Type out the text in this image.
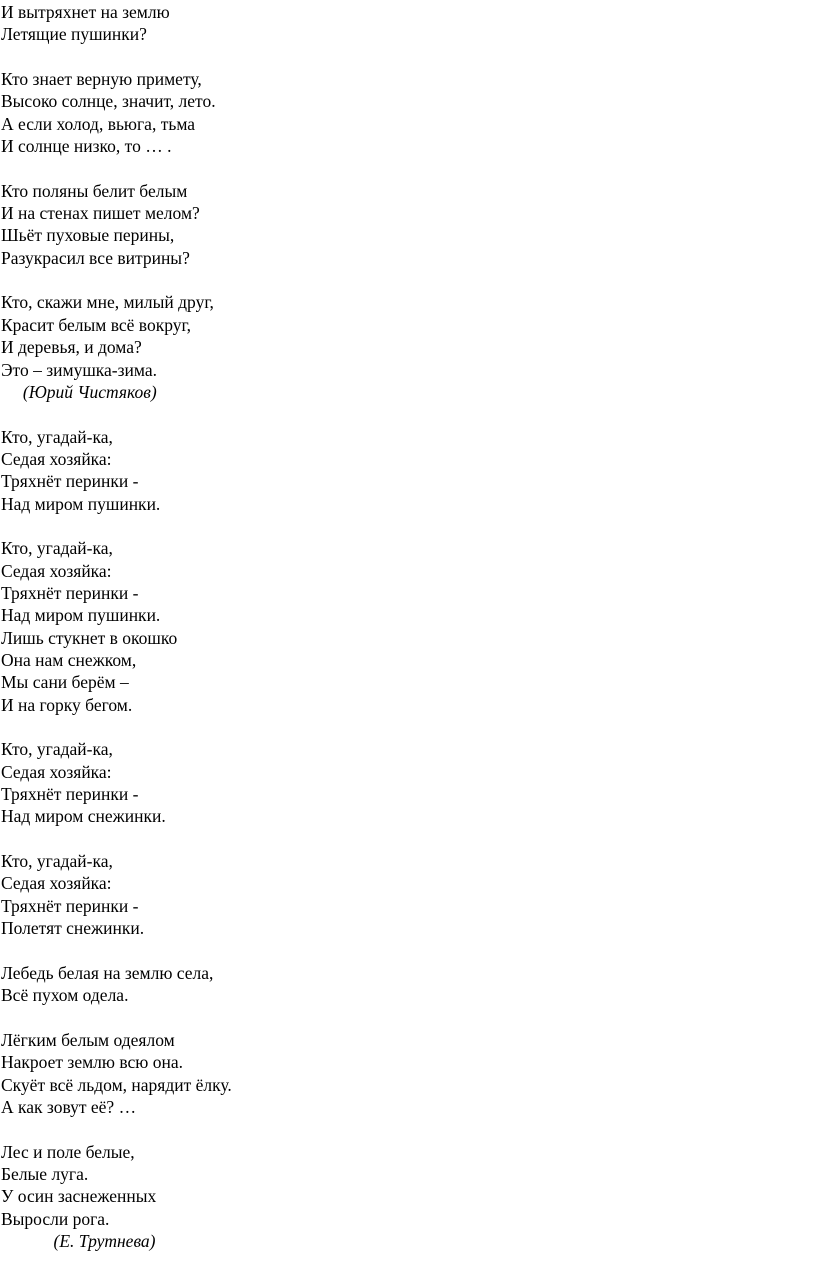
И вытряхнет на землю
Летящие пушинки?
Кто знает верную примету,
Высоко солнце, значит, лето.
А если холод, вьюга, тьма
И солнце низко, то … .
Кто поляны белит белым
И на стенах пишет мелом?
Шьёт пуховые перины,
Разукрасил все витрины?
Кто, скажи мне, милый друг,
Красит белым всё вокруг,
И деревья, и дома?
Это – зимушка-зима.
(Юрий Чистяков)
Кто, угадай-ка,
Седая хозяйка:
Тряхнёт перинки -
Над миром пушинки.
Кто, угадай-ка,
Седая хозяйка:
Тряхнёт перинки -
Над миром пушинки.
Лишь стукнет в окошко
Она нам снежком,
Мы сани берём –
И на горку бегом.
Кто, угадай-ка,
Седая хозяйка:
Тряхнёт перинки -
Над миром снежинки.
Кто, угадай-ка,
Седая хозяйка:
Тряхнёт перинки -
Полетят снежинки.
Лебедь белая на землю села,
Всё пухом одела.
Лёгким белым одеялом
Накроет землю всю она.
Скуёт всё льдом, нарядит ёлку.
А как зовут её? …
Лес и поле белые,
Белые луга.
У осин заснеженных
Выросли рога.
(Е. Трутнева)
